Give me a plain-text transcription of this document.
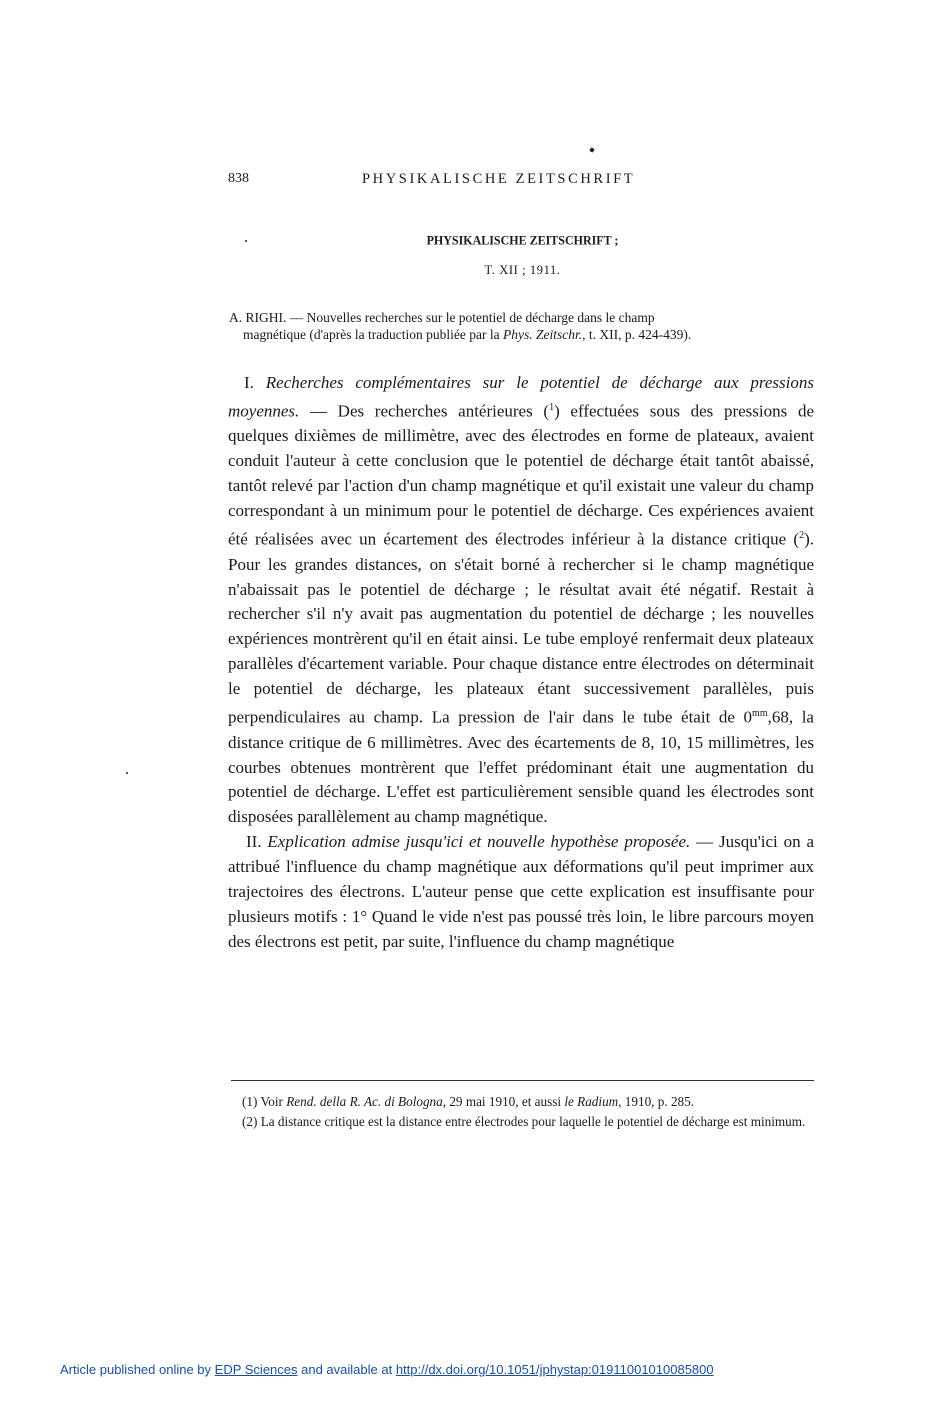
838	PHYSIKALISCHE ZEITSCHRIFT
PHYSIKALISCHE ZEITSCHRIFT ;
T. XII ; 1911.
A. RIGHI. — Nouvelles recherches sur le potentiel de décharge dans le champ
magnétique (d'après la traduction publiée par la Phys. Zeitschr., t. XII, p. 424-439).

I. Recherches complémentaires sur le potentiel de décharge aux pressions moyennes. — Des recherches antérieures ($^1$) effectuées sous des pressions de quelques dixièmes de millimètre, avec des électrodes en forme de plateaux, avaient conduit l'auteur à cette conclusion que le potentiel de décharge était tantôt abaissé, tantôt relevé par l'action d'un champ magnétique et qu'il existait une valeur du champ correspondant à un minimum pour le potentiel de décharge. Ces expériences avaient été réalisées avec un écartement des électrodes inférieur à la distance critique ($^2$). Pour les grandes distances, on s'était borné à rechercher si le champ magnétique n'abaissait pas le potentiel de décharge ; le résultat avait été négatif. Restait à rechercher s'il n'y avait pas augmentation du potentiel de décharge ; les nouvelles expériences montrèrent qu'il en était ainsi. Le tube employé renfermait deux plateaux parallèles d'écartement variable. Pour chaque distance entre électrodes on déterminait le potentiel de décharge, les plateaux étant successivement parallèles, puis perpendiculaires au champ. La pression de l'air dans le tube était de $0^{mm},68$, la distance critique de 6 millimètres. Avec des écartements de 8, 10, 15 millimètres, les courbes obtenues montrèrent que l'effet prédominant était une augmentation du potentiel de décharge. L'effet est particulièrement sensible quand les électrodes sont disposées parallèlement au champ magnétique.

II. Explication admise jusqu'ici et nouvelle hypothèse proposée. — Jusqu'ici on a attribué l'influence du champ magnétique aux déformations qu'il peut imprimer aux trajectoires des électrons. L'auteur pense que cette explication est insuffisante pour plusieurs motifs : 1° Quand le vide n'est pas poussé très loin, le libre parcours moyen des électrons est petit, par suite, l'influence du champ magnétique

(1) Voir Rend. della R. Ac. di Bologna, 29 mai 1910, et aussi le Radium, 1910, p. 285.

(2) La distance critique est la distance entre électrodes pour laquelle le potentiel de décharge est minimum.

Article published online by EDP Sciences and available at http://dx.doi.org/10.1051/jphystap:01911001010085800
